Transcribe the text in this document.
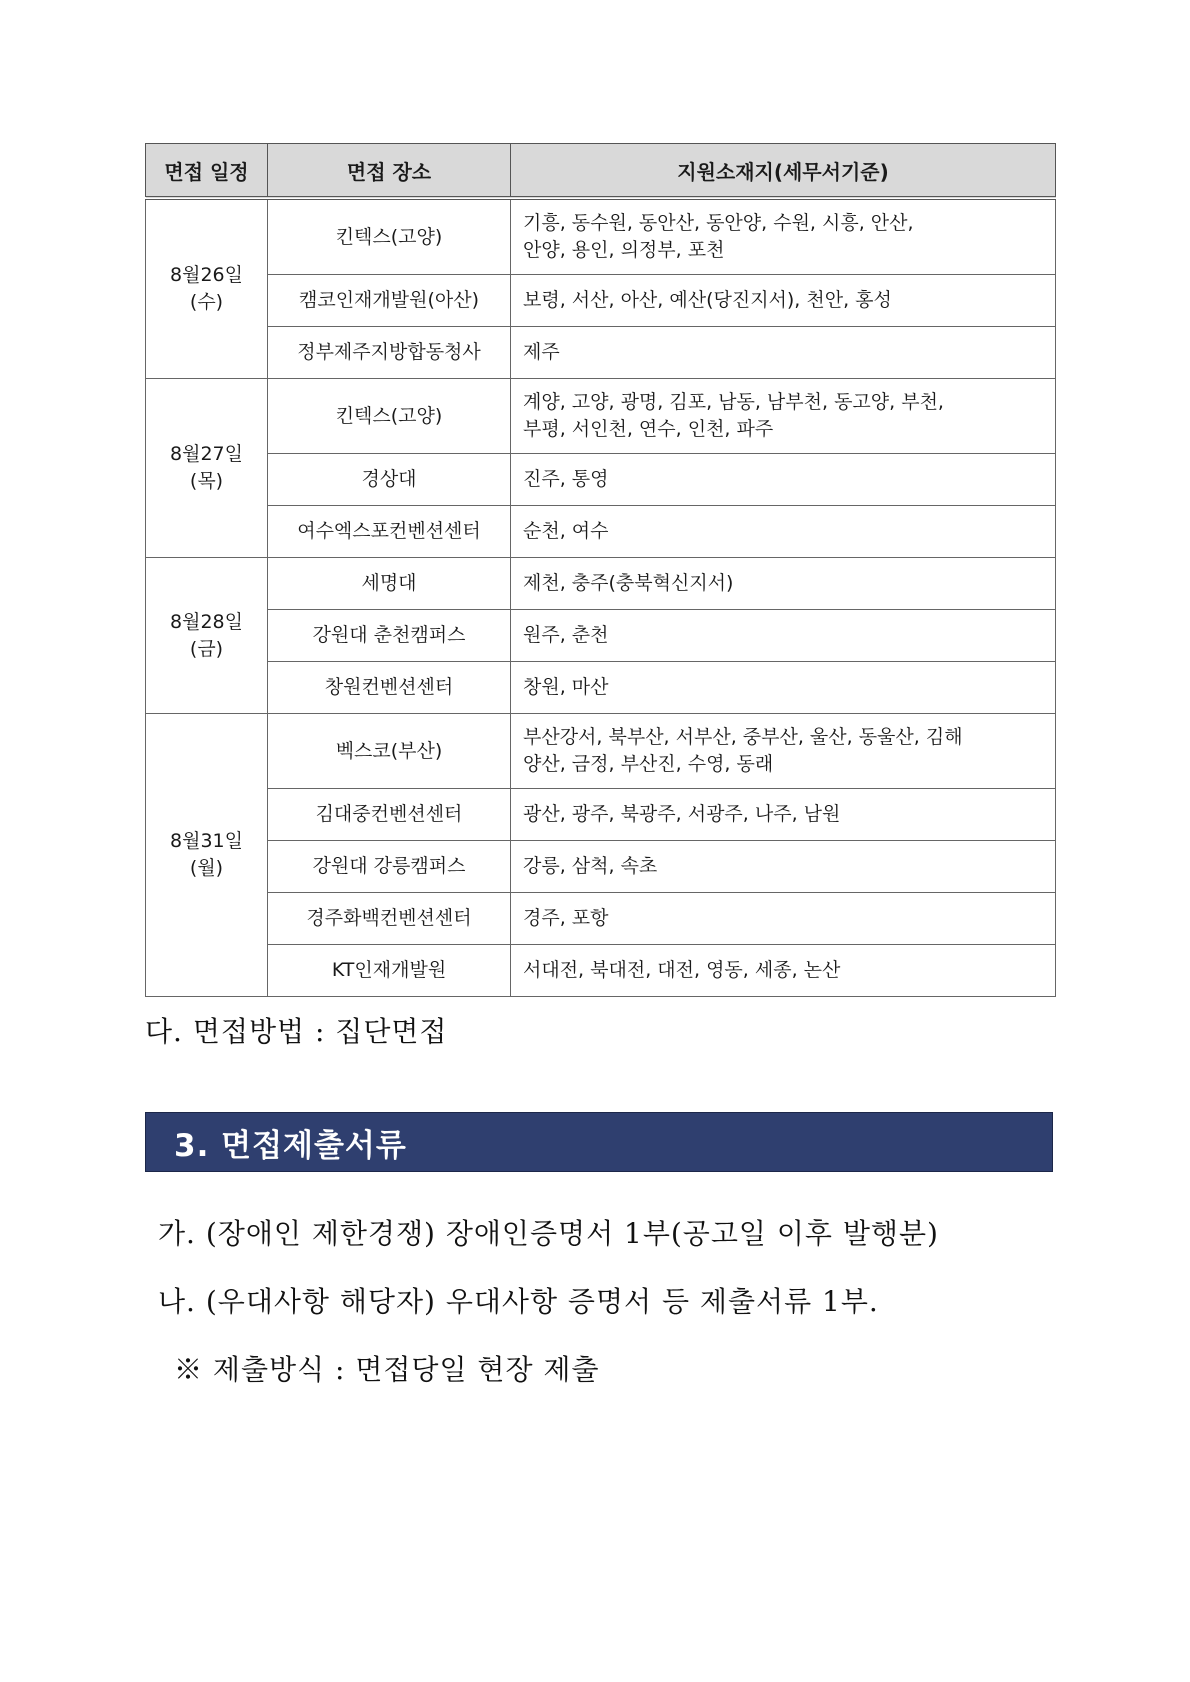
면접 일정	면접 장소	지원소재지(세무서기준)

8월26일
(수)	킨텍스(고양)	기흥, 동수원, 동안산, 동안양, 수원, 시흥, 안산,
안양, 용인, 의정부, 포천

	캠코인재개발원(아산)	보령, 서산, 아산, 예산(당진지서), 천안, 홍성

	정부제주지방합동청사	제주

8월27일
(목)	킨텍스(고양)	계양, 고양, 광명, 김포, 남동, 남부천, 동고양, 부천,
부평, 서인천, 연수, 인천, 파주

	경상대	진주, 통영

	여수엑스포컨벤션센터	순천, 여수

8월28일
(금)	세명대	제천, 충주(충북혁신지서)

	강원대 춘천캠퍼스	원주, 춘천

	창원컨벤션센터	창원, 마산

8월31일
(월)	벡스코(부산)	부산강서, 북부산, 서부산, 중부산, 울산, 동울산, 김해
양산, 금정, 부산진, 수영, 동래

	김대중컨벤션센터	광산, 광주, 북광주, 서광주, 나주, 남원

	강원대 강릉캠퍼스	강릉, 삼척, 속초

	경주화백컨벤션센터	경주, 포항

	KT인재개발원	서대전, 북대전, 대전, 영동, 세종, 논산
다. 면접방법 : 집단면접
3. 면접제출서류
가. (장애인 제한경쟁) 장애인증명서 1부(공고일 이후 발행분)
나. (우대사항 해당자) 우대사항 증명서 등 제출서류 1부.
※ 제출방식 : 면접당일 현장 제출
